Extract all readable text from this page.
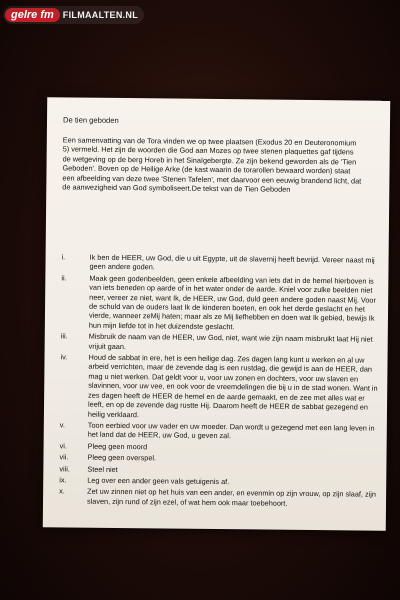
gelre fm	FILMAALTEN.NL
De tien geboden

Een samenvatting van de Tora vinden we op twee plaatsen (Exodus 20 en Deuteronomium 5) vermeld. Het zijn de woorden die God aan Mozes op twee stenen plaquettes gaf tijdens de wetgeving op de berg Horeb in het Sinaïgebergte. Ze zijn bekend geworden als de 'Tien Geboden'. Boven op de Heilige Arke (de kast waarin de torarollen bewaard worden) staat een afbeelding van deze twee 'Stenen Tafelen', met daarvoor een eeuwig brandend licht, dat de aanwezigheid van God symboliseert.De tekst van de Tien Geboden

i.	Ik ben de HEER, uw God, die u uit Egypte, uit de slavernij heeft bevrijd. Vereer naast mij geen andere goden.
ii.	Maak geen godenbeelden, geen enkele afbeelding van iets dat in de hemel hierboven is van iets beneden op aarde of in het water onder de aarde. Kniel voor zulke beelden niet neer, vereer ze niet, want Ik, de HEER, uw God, duld geen andere goden naast Mij. Voor de schuld van de ouders laat Ik de kinderen boeten, en ook het derde geslacht en het vierde, wanneer zeMij haten; maar als ze Mij liefhebben en doen wat Ik gebied, bewijs Ik hun mijn liefde tot in het duizendste geslacht.
iii.	Misbruik de naam van de HEER, uw God, niet, want wie zijn naam misbruikt laat Hij niet vrijuit gaan.
iv.	Houd de sabbat in ere, het is een heilige dag. Zes dagen lang kunt u werken en al uw arbeid verrichten, maar de zevende dag is een rustdag, die gewijd is aan de HEER, dan mag u niet werken. Dat geldt voor u, voor uw zonen en dochters, voor uw slaven en slavinnen, voor uw vee, en ook voor de vreemdelingen die bij u in de stad wonen. Want in zes dagen heeft de HEER de hemel en de aarde gemaakt, en de zee met alles wat er leeft, en op de zevende dag rustte Hij. Daarom heeft de HEER de sabbat gezegend en heilig verklaard.
v.	Toon eerbied voor uw vader en uw moeder. Dan wordt u gezegend met een lang leven in het land dat de HEER, uw God, u geven zal.
vi.	Pleeg geen moord
vii.	Pleeg geen overspel.
viii.	Steel niet
ix.	Leg over een ander geen vals getuigenis af.
x.	Zet uw zinnen niet op het huis van een ander, en evenmin op zijn vrouw, op zijn slaaf, zijn slaven, zijn rund of zijn ezel, of wat hem ook maar toebehoort.
